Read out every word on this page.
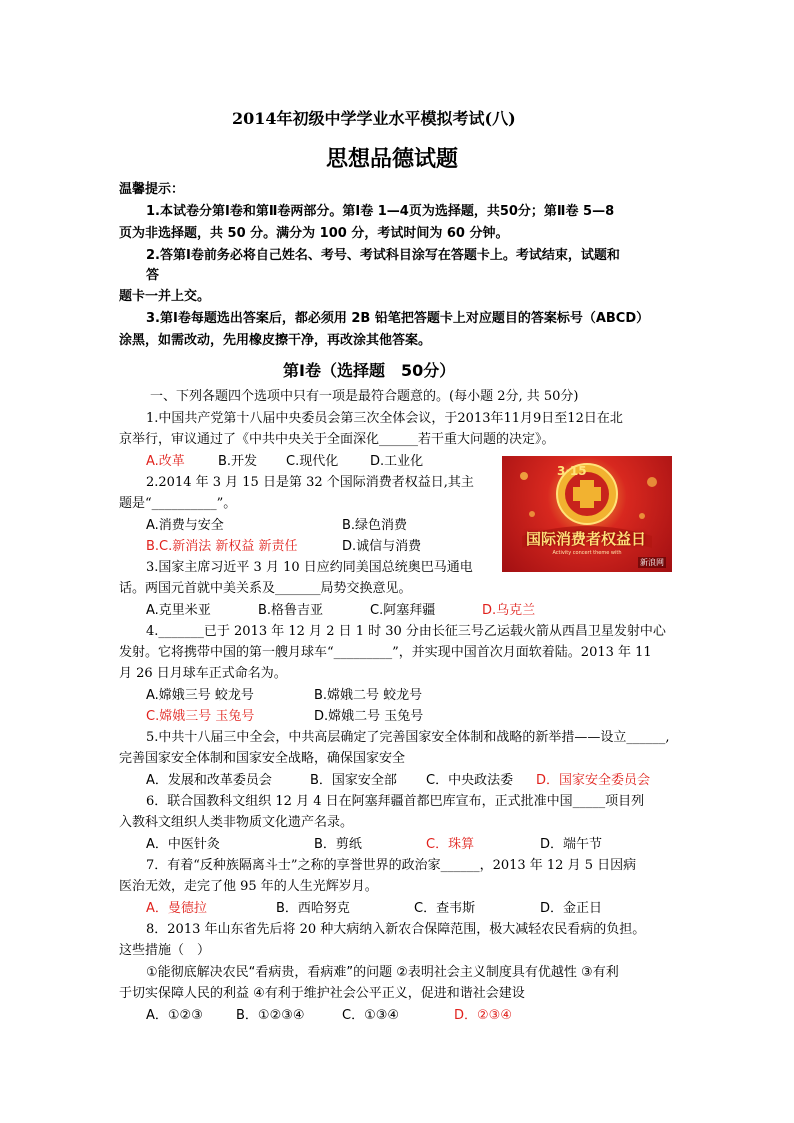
2014年初级中学学业水平模拟考试(八)
思想品德试题
温馨提示：
1.本试卷分第Ⅰ卷和第Ⅱ卷两部分。第Ⅰ卷 1—4页为选择题，共50分；第Ⅱ卷 5—8
页为非选择题，共 50 分。满分为 100 分，考试时间为 60 分钟。
2.答第Ⅰ卷前务必将自己姓名、考号、考试科目涂写在答题卡上。考试结束，试题和
答
题卡一并上交。
3.第Ⅰ卷每题选出答案后，都必须用 2B 铅笔把答题卡上对应题目的答案标号（ABCD）
涂黑，如需改动，先用橡皮擦干净，再改涂其他答案。
第Ⅰ卷（选择题　50分）
一、下列各题四个选项中只有一项是最符合题意的。(每小题 2分, 共 50分)
1.中国共产党第十八届中央委员会第三次全体会议，于2013年11月9日至12日在北
京举行，审议通过了《中共中央关于全面深化______若干重大问题的决定》。
A.改革	B.开发 C.现代化 D.工业化
2.2014 年 3 月 15 日是第 32 个国际消费者权益日,其主
题是“__________”。
A.消费与安全	B.绿色消费
B.C.新消法 新权益 新责任	D.诚信与消费
3·15
国际消费者权益日
Activity concert theme with
新浪网
3.国家主席习近平 3 月 10 日应约同美国总统奥巴马通电
话。两国元首就中美关系及_______局势交换意见。
A.克里米亚	B.格鲁吉亚	C.阿塞拜疆	D.乌克兰
4._______已于 2013 年 12 月 2 日 1 时 30 分由长征三号乙运载火箭从西昌卫星发射中心
发射。它将携带中国的第一艘月球车“_________”，并实现中国首次月面软着陆。2013 年 11
月 26 日月球车正式命名为。
A.嫦娥三号 蛟龙号	B.嫦娥二号 蛟龙号
C.嫦娥三号 玉兔号	D.嫦娥二号 玉兔号
5.中共十八届三中全会，中共高层确定了完善国家安全体制和战略的新举措——设立______,
完善国家安全体制和国家安全战略，确保国家安全
A．发展和改革委员会	B．国家安全部 C．中央政法委 D．国家安全委员会
6．联合国教科文组织 12 月 4 日在阿塞拜疆首都巴库宣布，正式批准中国_____项目列
入教科文组织人类非物质文化遗产名录。
A．中医针灸	B．剪纸	C．珠算	D．端午节
7．有着“反种族隔离斗士”之称的享誉世界的政治家______，2013 年 12 月 5 日因病
医治无效，走完了他 95 年的人生光辉岁月。
A．曼德拉	B．西哈努克	C．查韦斯	D．金正日
8．2013 年山东省先后将 20 种大病纳入新农合保障范围，极大减轻农民看病的负担。
这些措施（　）
①能彻底解决农民“看病贵，看病难”的问题 ②表明社会主义制度具有优越性 ③有利
于切实保障人民的利益 ④有利于维护社会公平正义，促进和谐社会建设
A．①②③	B．①②③④	C．①③④	D．②③④
